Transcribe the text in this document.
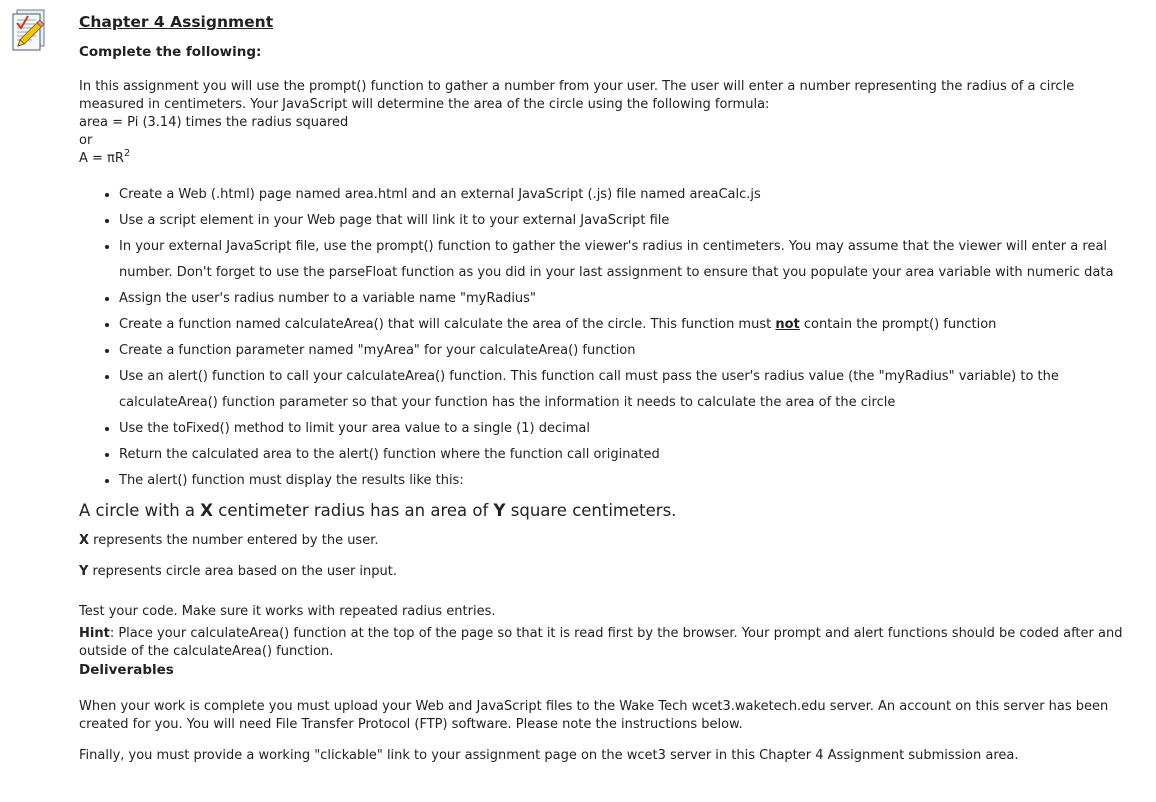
Chapter 4 Assignment
Complete the following:
In this assignment you will use the prompt() function to gather a number from your user. The user will enter a number representing the radius of a circle measured in centimeters. Your JavaScript will determine the area of the circle using the following formula:
area = Pi (3.14) times the radius squared
or
$A = \pi R^2$
• Create a Web (.html) page named area.html and an external JavaScript (.js) file named areaCalc.js
• Use a script element in your Web page that will link it to your external JavaScript file
• In your external JavaScript file, use the prompt() function to gather the viewer's radius in centimeters. You may assume that the viewer will enter a real number. Don't forget to use the parseFloat function as you did in your last assignment to ensure that you populate your area variable with numeric data
• Assign the user's radius number to a variable name "myRadius"
• Create a function named calculateArea() that will calculate the area of the circle. This function must not contain the prompt() function
• Create a function parameter named "myArea" for your calculateArea() function
• Use an alert() function to call your calculateArea() function. This function call must pass the user's radius value (the "myRadius" variable) to the calculateArea() function parameter so that your function has the information it needs to calculate the area of the circle
• Use the toFixed() method to limit your area value to a single (1) decimal
• Return the calculated area to the alert() function where the function call originated
• The alert() function must display the results like this:
A circle with a X centimeter radius has an area of Y square centimeters.
X represents the number entered by the user.
Y represents circle area based on the user input.
Test your code. Make sure it works with repeated radius entries.
Hint: Place your calculateArea() function at the top of the page so that it is read first by the browser. Your prompt and alert functions should be coded after and outside of the calculateArea() function.
Deliverables
When your work is complete you must upload your Web and JavaScript files to the Wake Tech wcet3.waketech.edu server. An account on this server has been created for you. You will need File Transfer Protocol (FTP) software. Please note the instructions below.
Finally, you must provide a working "clickable" link to your assignment page on the wcet3 server in this Chapter 4 Assignment submission area.
